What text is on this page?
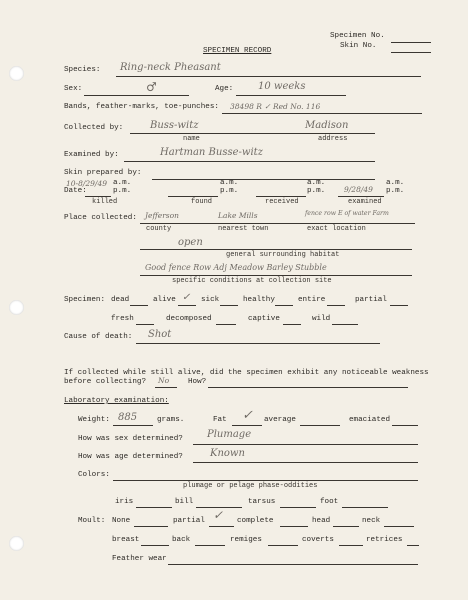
Specimen No.
Skin No.
SPECIMEN RECORD
Species: Ring-neck Pheasant
Sex:	♂	Age: 10 weeks
Bands, feather-marks, toe-punches: 38498 R ✓ Red No. 116
Collected by:	Buss-witz	Madison
name	address
Examined by:	Hartman Busse-witz
Skin prepared by:
10-8/29/49 a.m.	a.m.	a.m.	a.m.
Date:	p.m.	p.m.	p.m.	9/28/49 p.m.
killed	found	received	examined
Place collected: Jefferson	Lake Mills	fence row E of water Farm
county	nearest town	exact location
open
general surrounding habitat
Good fence Row Adj Meadow Barley Stubble
specific conditions at collection site
Specimen: dead	alive ✓ sick	healthy	entire	partial
fresh	decomposed	captive	wild
Cause of death: Shot
If collected while still alive, did the specimen exhibit any noticeable weakness
before collecting? No How?
Laboratory examination:
Weight: 885	grams.	Fat ✓ average	emaciated
How was sex determined? Plumage
How was age determined?	Known
Colors:
plumage or pelage phase-oddities
iris	bill	tarsus	foot
Moult: None	partial ✓ complete	head	neck
breast	back	remiges	coverts	retrices
Feather wear
